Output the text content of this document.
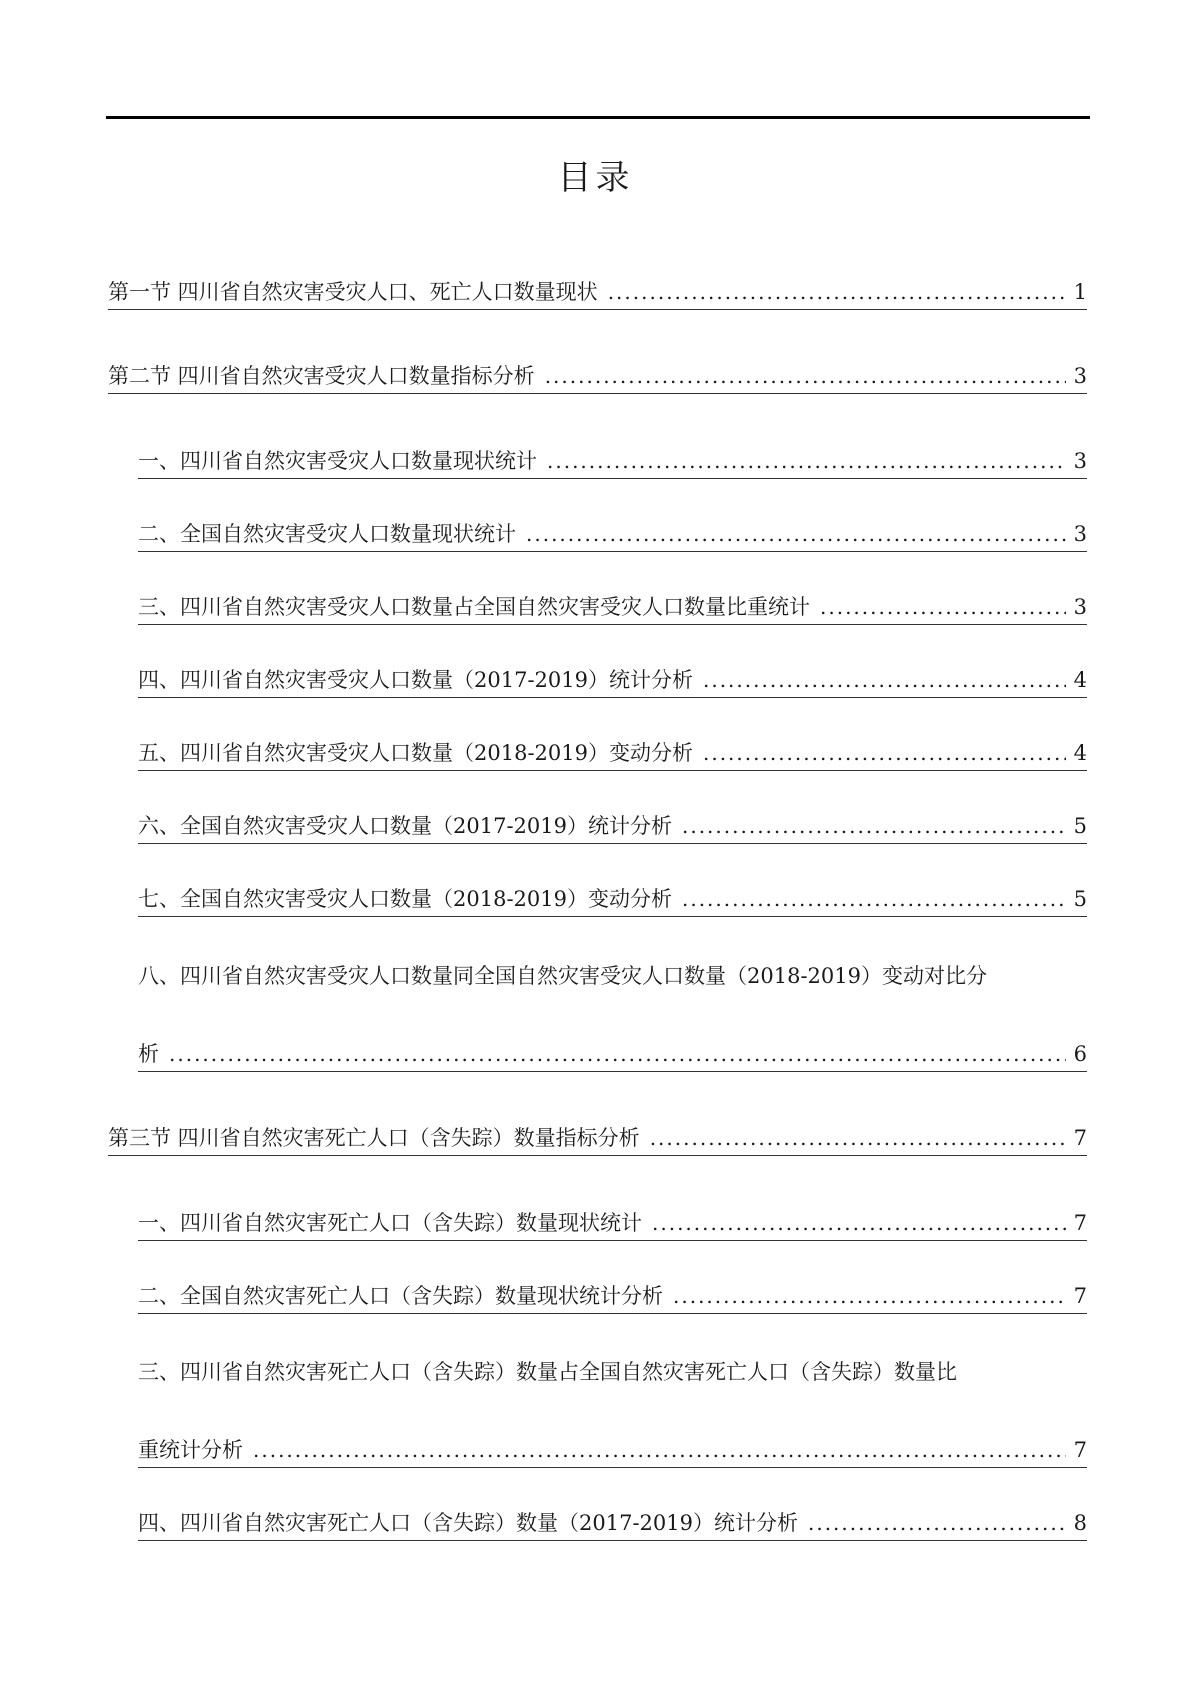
目录
第一节 四川省自然灾害受灾人口、死亡人口数量现状 .....	1
第二节 四川省自然灾害受灾人口数量指标分析 .....	3
一、四川省自然灾害受灾人口数量现状统计 .....	3
二、全国自然灾害受灾人口数量现状统计 .....	3
三、四川省自然灾害受灾人口数量占全国自然灾害受灾人口数量比重统计 .....	3
四、四川省自然灾害受灾人口数量（2017-2019）统计分析 .....	4
五、四川省自然灾害受灾人口数量（2018-2019）变动分析 .....	4
六、全国自然灾害受灾人口数量（2017-2019）统计分析 .....	5
七、全国自然灾害受灾人口数量（2018-2019）变动分析 .....	5
八、四川省自然灾害受灾人口数量同全国自然灾害受灾人口数量（2018-2019）变动对比分
析 .....	6
第三节 四川省自然灾害死亡人口（含失踪）数量指标分析 .....	7
一、四川省自然灾害死亡人口（含失踪）数量现状统计 .....	7
二、全国自然灾害死亡人口（含失踪）数量现状统计分析 .....	7
三、四川省自然灾害死亡人口（含失踪）数量占全国自然灾害死亡人口（含失踪）数量比
重统计分析 .....	7
四、四川省自然灾害死亡人口（含失踪）数量（2017-2019）统计分析 .....	8
